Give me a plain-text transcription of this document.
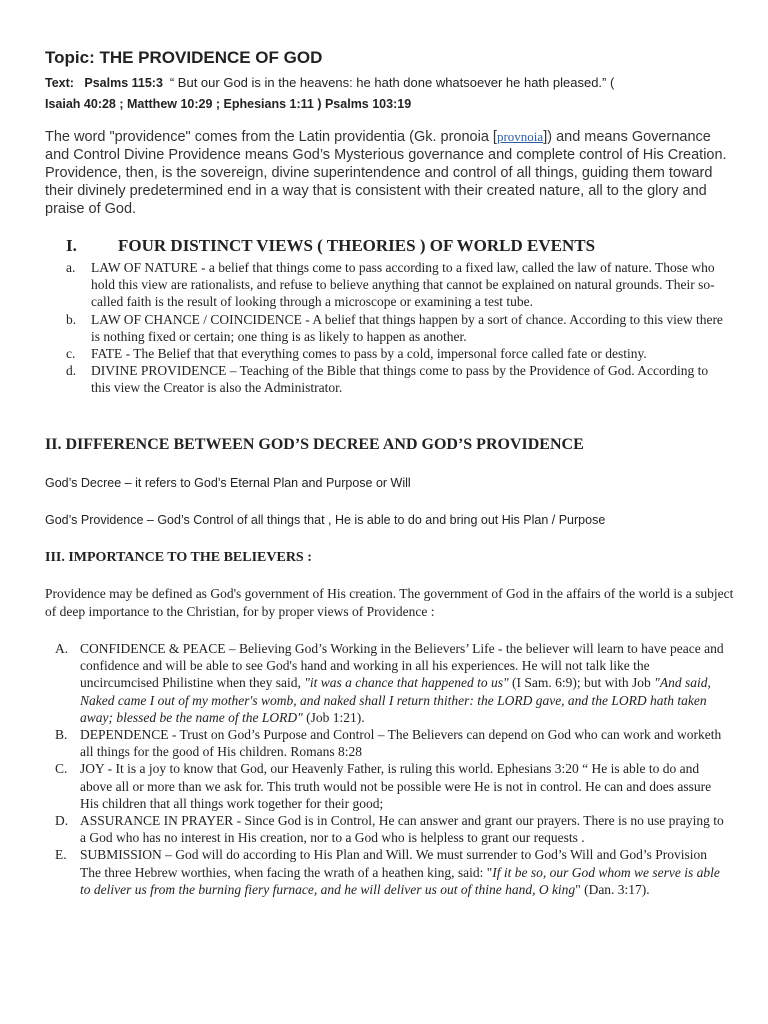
Topic: THE PROVIDENCE OF GOD
Text: Psalms 115:3 “ But our God is in the heavens: he hath done whatsoever he hath pleased.” (
Isaiah 40:28 ; Matthew 10:29 ; Ephesians 1:11 ) Psalms 103:19
The word "providence" comes from the Latin providentia (Gk. pronoia [provnoia]) and means Governance and Control Divine Providence means God’s Mysterious governance and complete control of His Creation. Providence, then, is the sovereign, divine superintendence and control of all things, guiding them toward their divinely predetermined end in a way that is consistent with their created nature, all to the glory and praise of God.
I. FOUR DISTINCT VIEWS ( THEORIES ) OF WORLD EVENTS
a. LAW OF NATURE - a belief that things come to pass according to a fixed law, called the law of nature. Those who hold this view are rationalists, and refuse to believe anything that cannot be explained on natural grounds. Their so-called faith is the result of looking through a microscope or examining a test tube.
b. LAW OF CHANCE / COINCIDENCE - A belief that things happen by a sort of chance. According to this view there is nothing fixed or certain; one thing is as likely to happen as another.
c. FATE - The Belief that that everything comes to pass by a cold, impersonal force called fate or destiny.
d. DIVINE PROVIDENCE – Teaching of the Bible that things come to pass by the Providence of God. According to this view the Creator is also the Administrator.
II. DIFFERENCE BETWEEN GOD’S DECREE AND GOD’S PROVIDENCE
God’s Decree – it refers to God’s Eternal Plan and Purpose or Will
God’s Providence – God’s Control of all things that , He is able to do and bring out His Plan / Purpose
III. IMPORTANCE TO THE BELIEVERS :
Providence may be defined as God's government of His creation. The government of God in the affairs of the world is a subject of deep importance to the Christian, for by proper views of Providence :
A. CONFIDENCE & PEACE – Believing God’s Working in the Believers’ Life - the believer will learn to have peace and confidence and will be able to see God's hand and working in all his experiences. He will not talk like the uncircumcised Philistine when they said, "it was a chance that happened to us" (I Sam. 6:9); but with Job "And said, Naked came I out of my mother's womb, and naked shall I return thither: the LORD gave, and the LORD hath taken away; blessed be the name of the LORD" (Job 1:21).
B. DEPENDENCE - Trust on God’s Purpose and Control – The Believers can depend on God who can work and worketh all things for the good of His children. Romans 8:28
C. JOY - It is a joy to know that God, our Heavenly Father, is ruling this world. Ephesians 3:20 “ He is able to do and above all or more than we ask for. This truth would not be possible were He is not in control. He can and does assure His children that all things work together for their good;
D. ASSURANCE IN PRAYER - Since God is in Control, He can answer and grant our prayers. There is no use praying to a God who has no interest in His creation, nor to a God who is helpless to grant our requests .
E. SUBMISSION – God will do according to His Plan and Will. We must surrender to God’s Will and God’s Provision The three Hebrew worthies, when facing the wrath of a heathen king, said: "If it be so, our God whom we serve is able to deliver us from the burning fiery furnace, and he will deliver us out of thine hand, O king" (Dan. 3:17).
